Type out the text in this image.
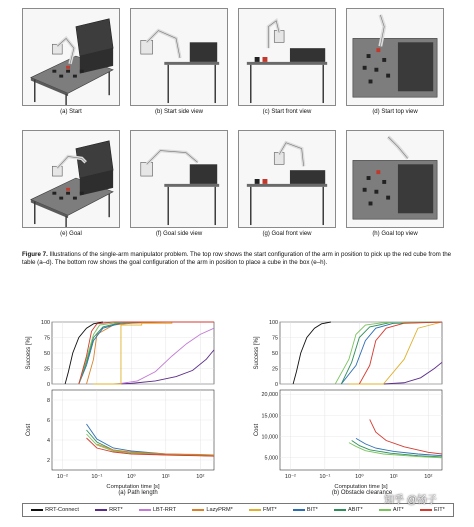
(a) Start	(b) Start side view	(c) Start front view	(d) Start top view
(e) Goal	(f) Goal side view	(g) Goal front view	(h) Goal top view
Figure 7. Illustrations of the single-arm manipulator problem. The top row shows the start configuration of the arm in position to pick up the red cube from the table (a–d). The bottom row shows the goal configuration of the arm in position to place a cube in the box (e–h).
0
25
50
75
100
Success [%]
10⁻²	10⁻¹	10⁰	10¹	10²
2
4
6
8
Cost
Computation time [s]
0
25
50
75
100
Success [%]
10⁻²	10⁻¹	10⁰	10¹	10²
5,000
10,000
15,000
20,000
Cost
Computation time [s]
(a) Path length	(b) Obstacle clearance
RRT-Connect	RRT*	LBT-RRT	LazyPRM*	FMT*	BIT*	ABIT*	AIT*	EIT*
知乎 @杨子
